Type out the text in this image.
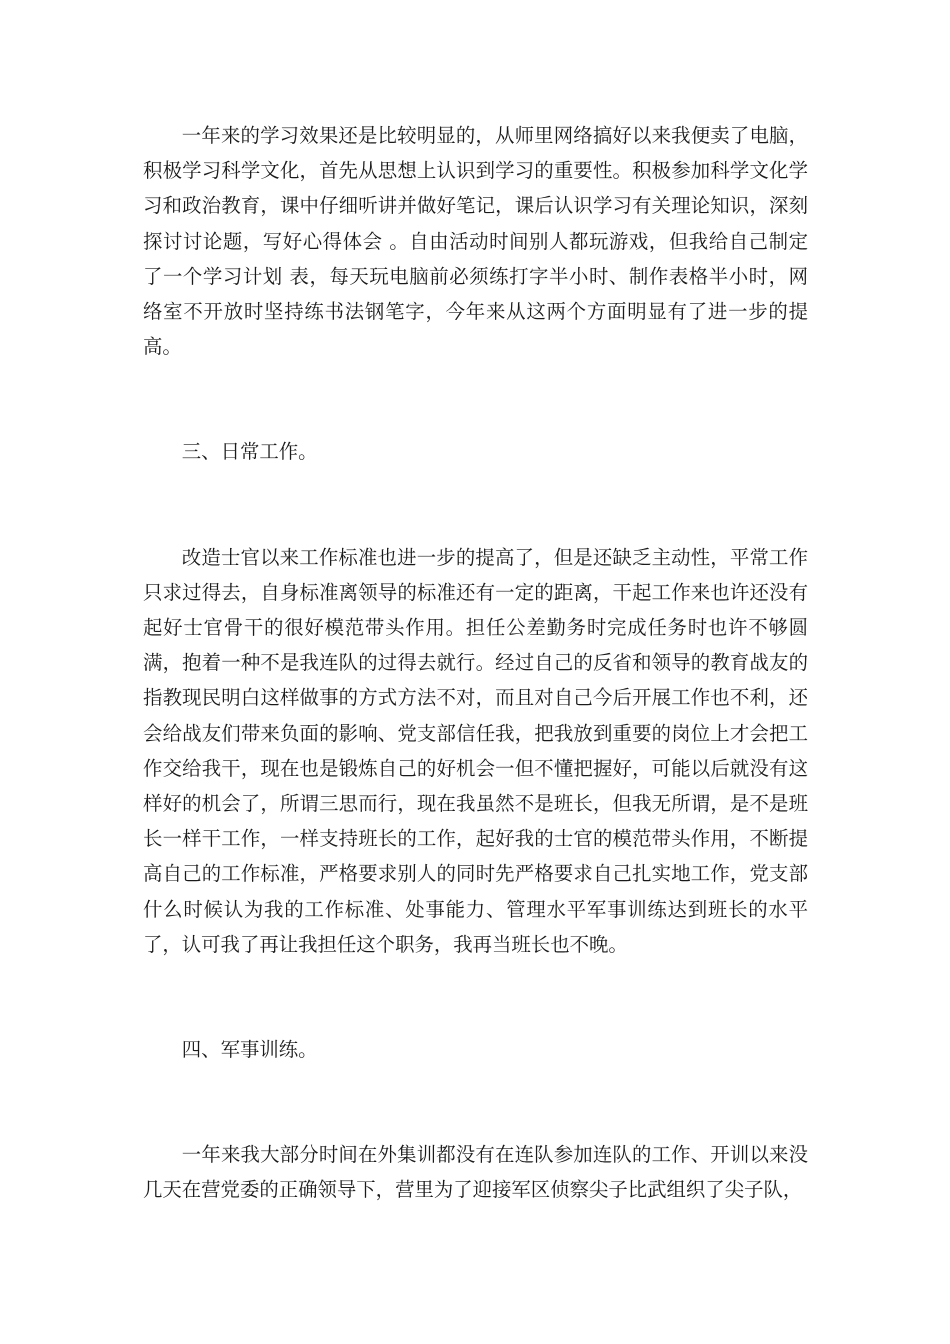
一年来的学习效果还是比较明显的，从师里网络搞好以来我便卖了电脑，积极学习科学文化，首先从思想上认识到学习的重要性。积极参加科学文化学习和政治教育，课中仔细听讲并做好笔记，课后认识学习有关理论知识，深刻探讨讨论题，写好心得体会 。自由活动时间别人都玩游戏，但我给自己制定了一个学习计划 表，每天玩电脑前必须练打字半小时、制作表格半小时，网络室不开放时坚持练书法钢笔字，今年来从这两个方面明显有了进一步的提高。

三、日常工作。

改造士官以来工作标准也进一步的提高了，但是还缺乏主动性，平常工作只求过得去，自身标准离领导的标准还有一定的距离，干起工作来也许还没有起好士官骨干的很好模范带头作用。担任公差勤务时完成任务时也许不够圆满，抱着一种不是我连队的过得去就行。经过自己的反省和领导的教育战友的指教现民明白这样做事的方式方法不对，而且对自己今后开展工作也不利，还会给战友们带来负面的影响、党支部信任我，把我放到重要的岗位上才会把工作交给我干，现在也是锻炼自己的好机会一但不懂把握好，可能以后就没有这样好的机会了，所谓三思而行，现在我虽然不是班长，但我无所谓，是不是班长一样干工作，一样支持班长的工作，起好我的士官的模范带头作用，不断提高自己的工作标准，严格要求别人的同时先严格要求自己扎实地工作，党支部什么时候认为我的工作标准、处事能力、管理水平军事训练达到班长的水平了，认可我了再让我担任这个职务，我再当班长也不晚。

四、军事训练。

一年来我大部分时间在外集训都没有在连队参加连队的工作、开训以来没几天在营党委的正确领导下，营里为了迎接军区侦察尖子比武组织了尖子队，
